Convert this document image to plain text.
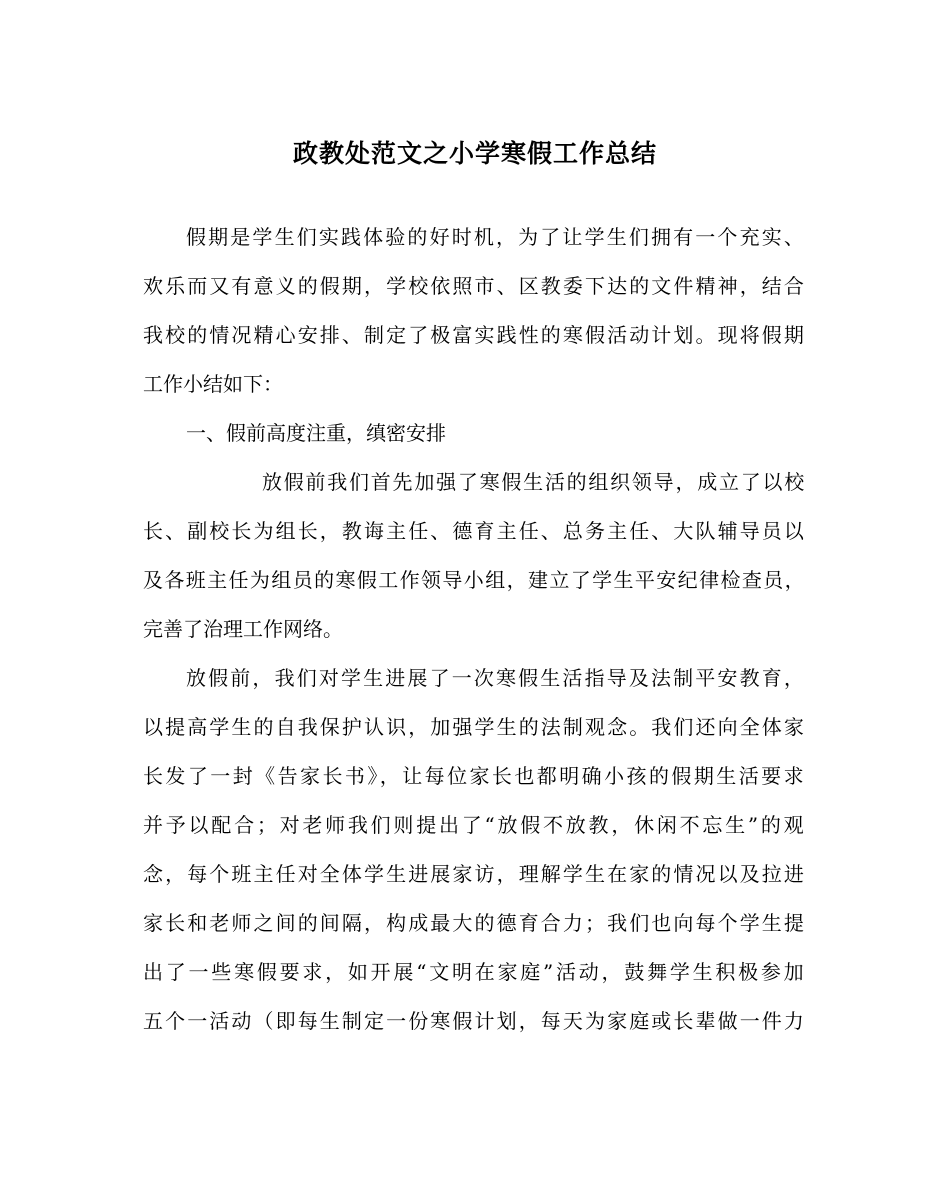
政教处范文之小学寒假工作总结
假期是学生们实践体验的好时机，为了让学生们拥有一个充实、
欢乐而又有意义的假期，学校依照市、区教委下达的文件精神，结合
我校的情况精心安排、制定了极富实践性的寒假活动计划。现将假期
工作小结如下：
一、假前高度注重，缜密安排
放假前我们首先加强了寒假生活的组织领导，成立了以校
长、副校长为组长，教诲主任、德育主任、总务主任、大队辅导员以
及各班主任为组员的寒假工作领导小组，建立了学生平安纪律检查员，
完善了治理工作网络。
放假前，我们对学生进展了一次寒假生活指导及法制平安教育，
以提高学生的自我保护认识，加强学生的法制观念。我们还向全体家
长发了一封《告家长书》，让每位家长也都明确小孩的假期生活要求
并予以配合；对老师我们则提出了“放假不放教，休闲不忘生”的观
念，每个班主任对全体学生进展家访，理解学生在家的情况以及拉进
家长和老师之间的间隔，构成最大的德育合力；我们也向每个学生提
出了一些寒假要求，如开展“文明在家庭”活动，鼓舞学生积极参加
五个一活动（即每生制定一份寒假计划，每天为家庭或长辈做一件力
